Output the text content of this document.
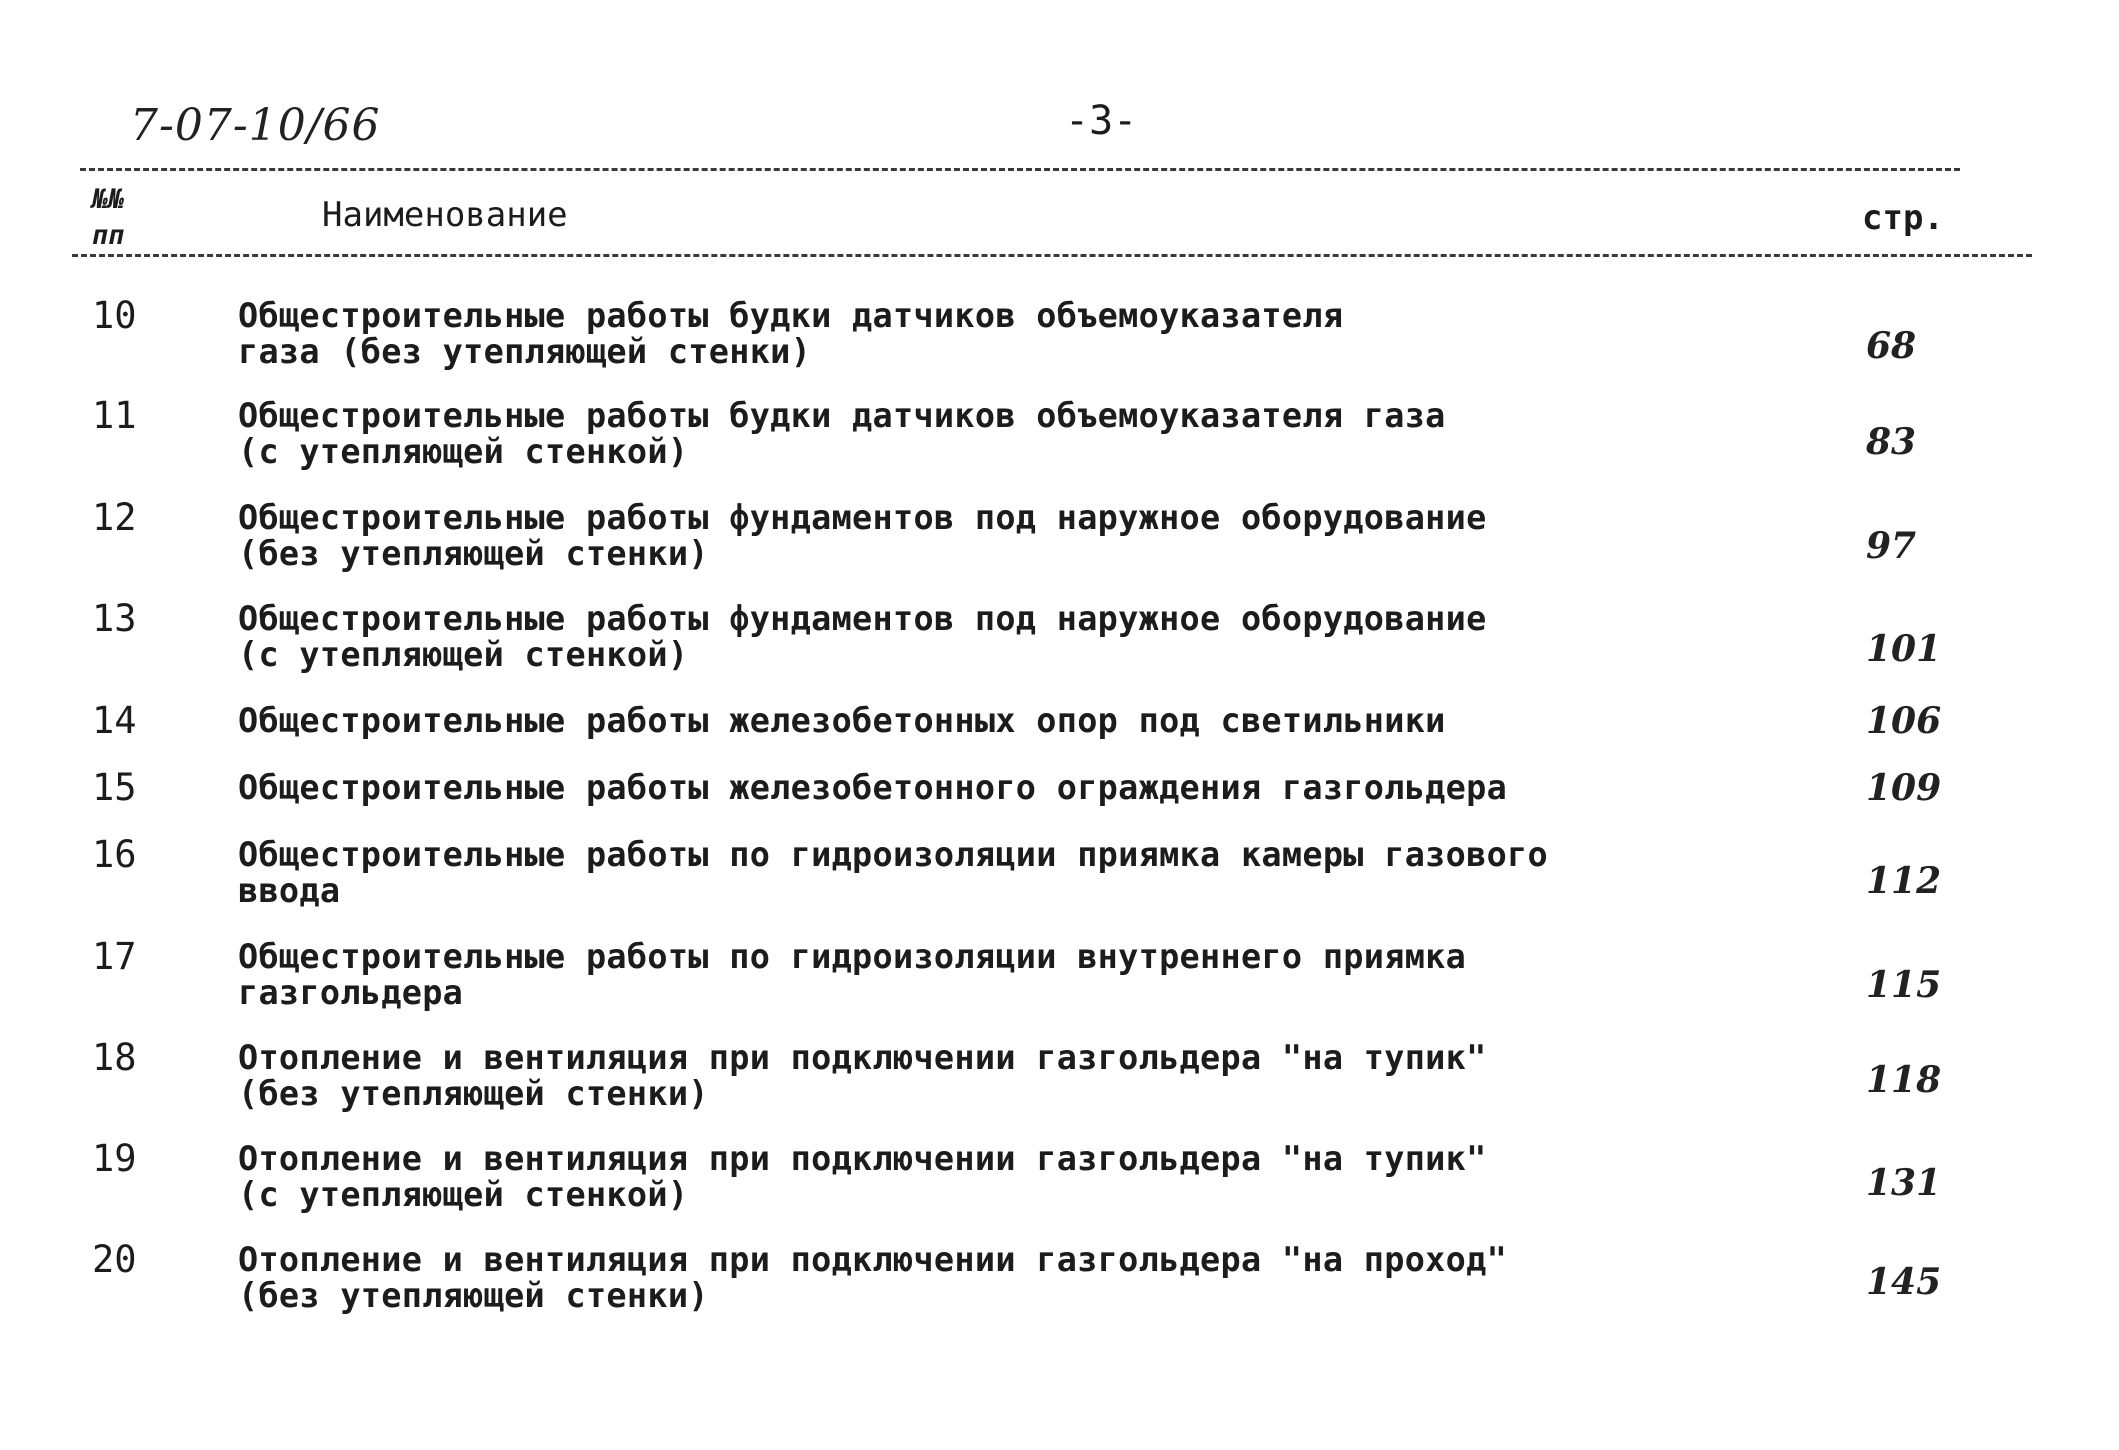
7-07-10/66	-3-
№№
пп
Наименование	стр.
10	Общестроительные работы будки датчиков объемоуказателя
газа (без утепляющей стенки)	68
11	Общестроительные работы будки датчиков объемоуказателя газа
(с утепляющей стенкой)	83
12	Общестроительные работы фундаментов под наружное оборудование
(без утепляющей стенки)	97
13	Общестроительные работы фундаментов под наружное оборудование
(с утепляющей стенкой)	101
14	Общестроительные работы железобетонных опор под светильники	106
15	Общестроительные работы железобетонного ограждения газгольдера	109
16	Общестроительные работы по гидроизоляции приямка камеры газового
ввода	112
17	Общестроительные работы по гидроизоляции внутреннего приямка
газгольдера	115
18	Отопление и вентиляция при подключении газгольдера "на тупик"
(без утепляющей стенки)	118
19	Отопление и вентиляция при подключении газгольдера "на тупик"
(с утепляющей стенкой)	131
20	Отопление и вентиляция при подключении газгольдера "на проход"
(без утепляющей стенки)	145
